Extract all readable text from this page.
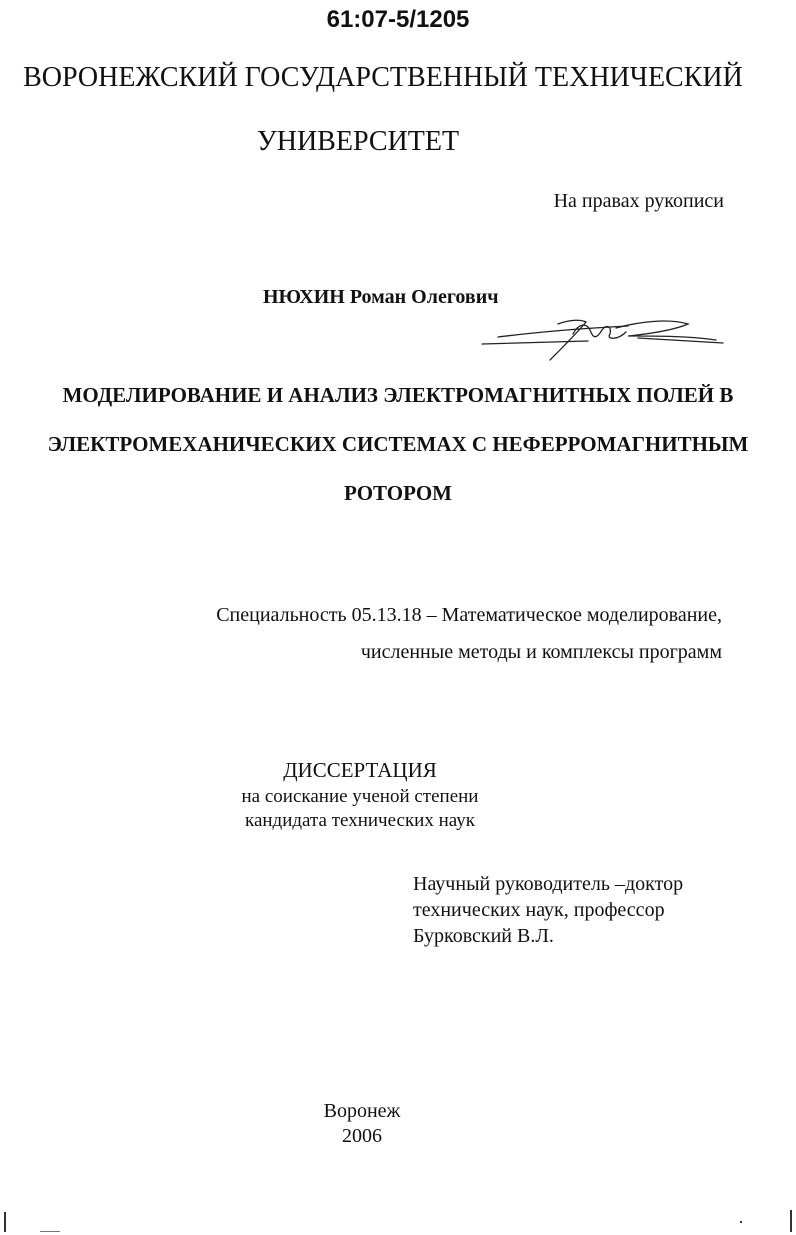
61:07-5/1205
ВОРОНЕЖСКИЙ ГОСУДАРСТВЕННЫЙ ТЕХНИЧЕСКИЙ
УНИВЕРСИТЕТ
На правах рукописи
НЮХИН Роман Олегович
МОДЕЛИРОВАНИЕ И АНАЛИЗ ЭЛЕКТРОМАГНИТНЫХ ПОЛЕЙ В
ЭЛЕКТРОМЕХАНИЧЕСКИХ СИСТЕМАХ С НЕФЕРРОМАГНИТНЫМ
РОТОРОМ
Специальность 05.13.18 – Математическое моделирование,
численные методы и комплексы программ
ДИССЕРТАЦИЯ
на соискание ученой степени
кандидата технических наук
Научный руководитель –доктор
технических наук, профессор
Бурковский В.Л.
Воронеж
2006
